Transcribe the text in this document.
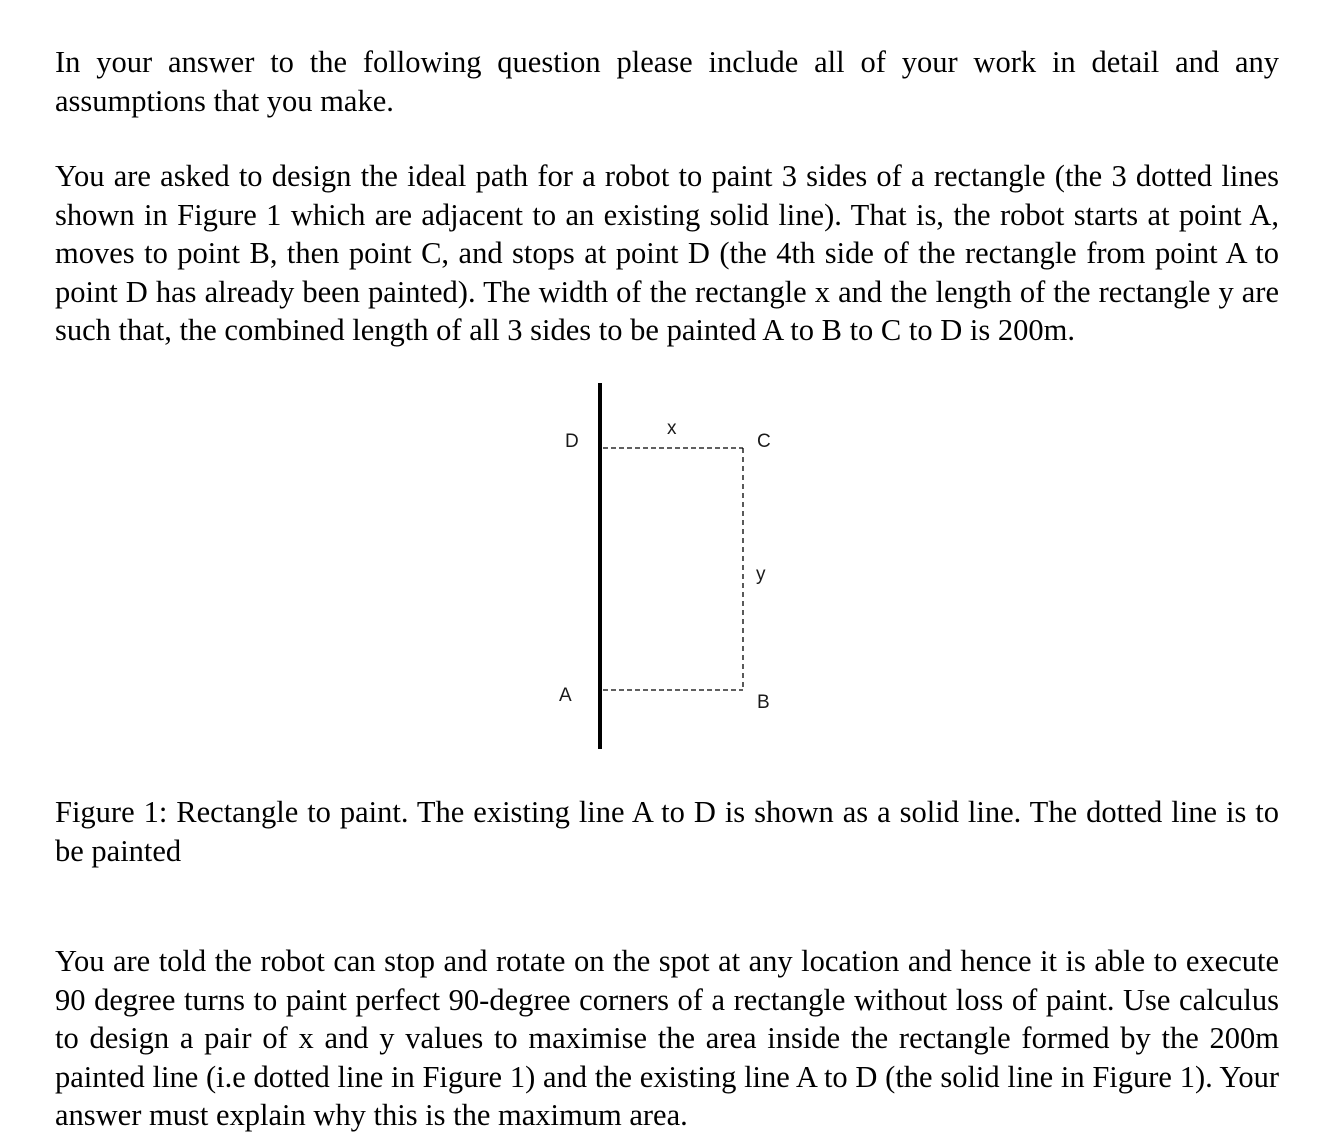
In your answer to the following question please include all of your work in detail and any assumptions that you make.

You are asked to design the ideal path for a robot to paint 3 sides of a rectangle (the 3 dotted lines shown in Figure 1 which are adjacent to an existing solid line). That is, the robot starts at point A, moves to point B, then point C, and stops at point D (the 4th side of the rectangle from point A to point D has already been painted). The width of the rectangle x and the length of the rectangle y are such that, the combined length of all 3 sides to be painted A to B to C to D is 200m.

D
x
C
y
A	B

Figure 1: Rectangle to paint. The existing line A to D is shown as a solid line. The dotted line is to be painted

You are told the robot can stop and rotate on the spot at any location and hence it is able to execute 90 degree turns to paint perfect 90-degree corners of a rectangle without loss of paint. Use calculus to design a pair of x and y values to maximise the area inside the rectangle formed by the 200m painted line (i.e dotted line in Figure 1) and the existing line A to D (the solid line in Figure 1). Your answer must explain why this is the maximum area.
